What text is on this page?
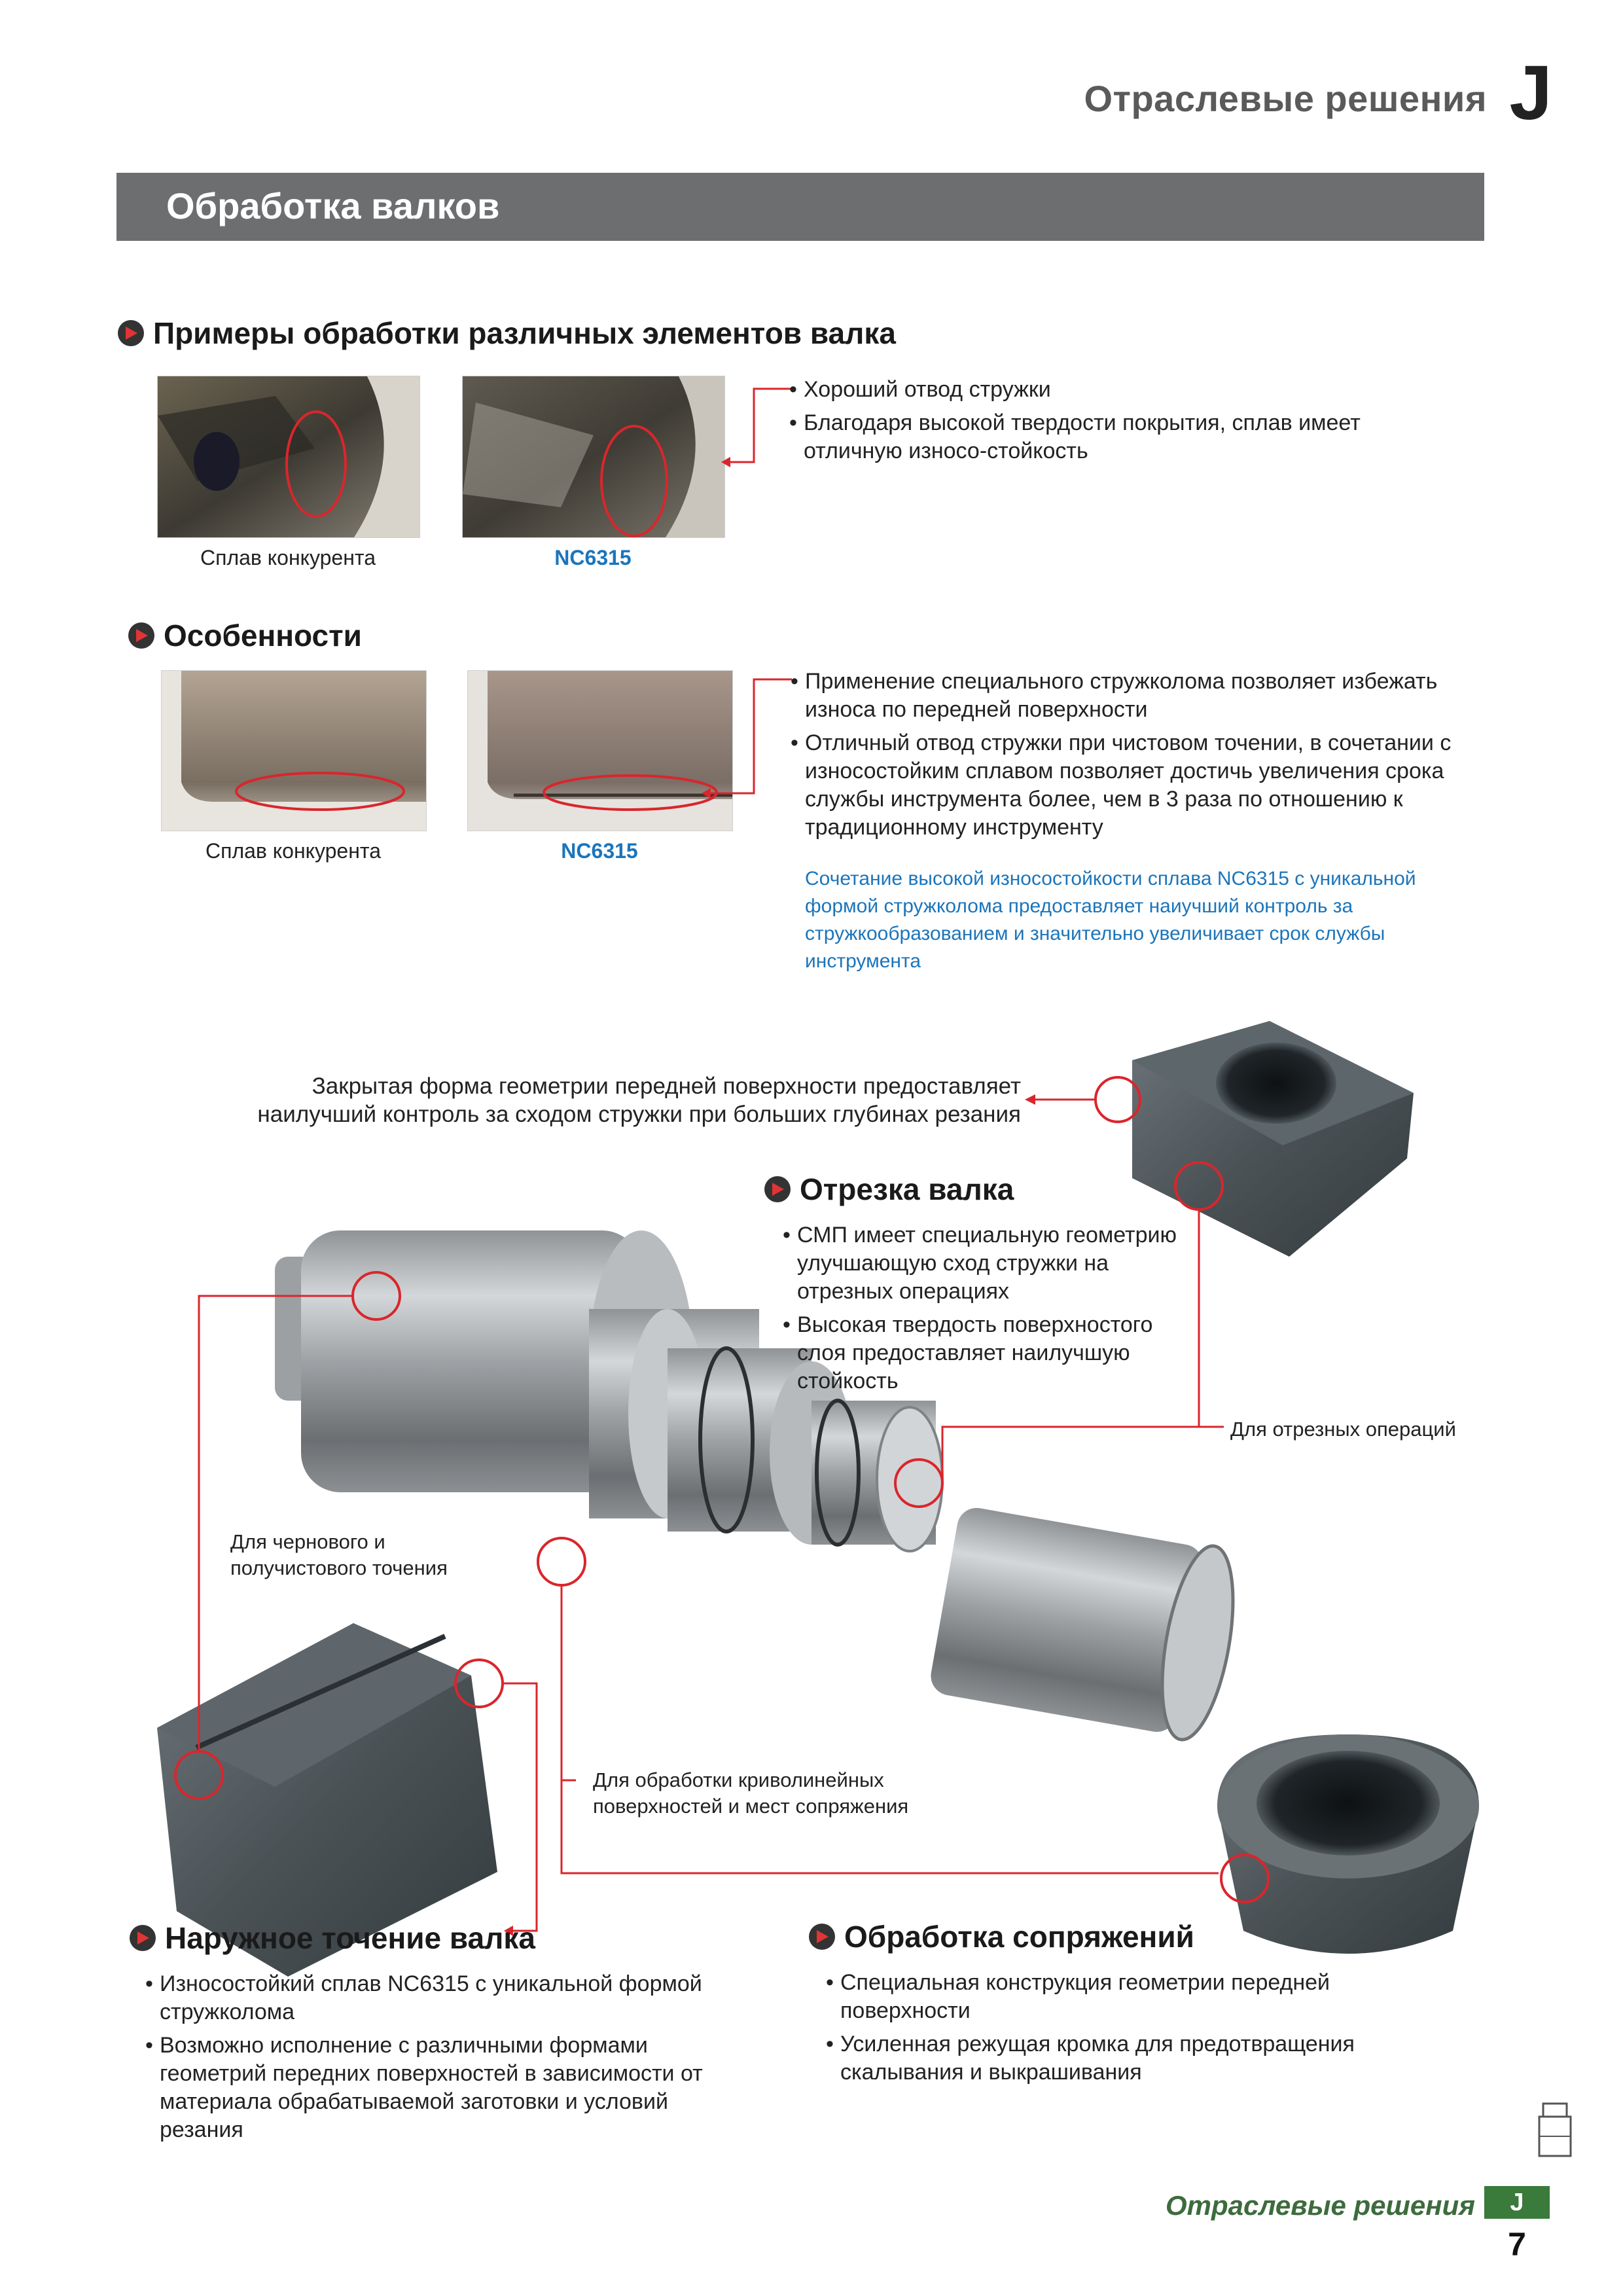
Отраслевые решения J
Обработка валков
Примеры обработки различных элементов валка
Сплав конкурента	NC6315
• Хороший отвод стружки
• Благодаря высокой твердости покрытия, сплав имеет отличную износо-стойкость
Особенности
Сплав конкурента	NC6315
• Применение специального стружколома позволяет избежать износа по передней поверхности
• Отличный отвод стружки при чистовом точении, в сочетании с износостойким сплавом позволяет достичь увеличения срока службы инструмента более, чем в 3 раза по отношению к традиционному инструменту
Сочетание высокой износостойкости сплава NC6315 с уникальной формой стружколома предоставляет наиучший контроль за стружкообразованием и значительно увеличивает срок службы инструмента
Закрытая форма геометрии передней поверхности предоставляет наилучший контроль за сходом стружки при больших глубинах резания
Отрезка валка
• СМП имеет специальную геометрию улучшающую сход стружки на отрезных операциях
• Высокая твердость поверхностого слоя предоставляет наилучшую стойкость
Для отрезных операций
Для чернового и получистового точения
Для обработки криволинейных поверхностей и мест сопряжения
Наружное точение валка
• Износостойкий сплав NC6315 с уникальной формой стружколома
• Возможно исполнение с различными формами геометрий передних поверхностей в зависимости от материала обрабатываемой заготовки и условий резания
Обработка сопряжений
• Специальная конструкция геометрии передней поверхности
• Усиленная режущая кромка для предотвращения скалывания и выкрашивания
Отраслевые решения	J
7
